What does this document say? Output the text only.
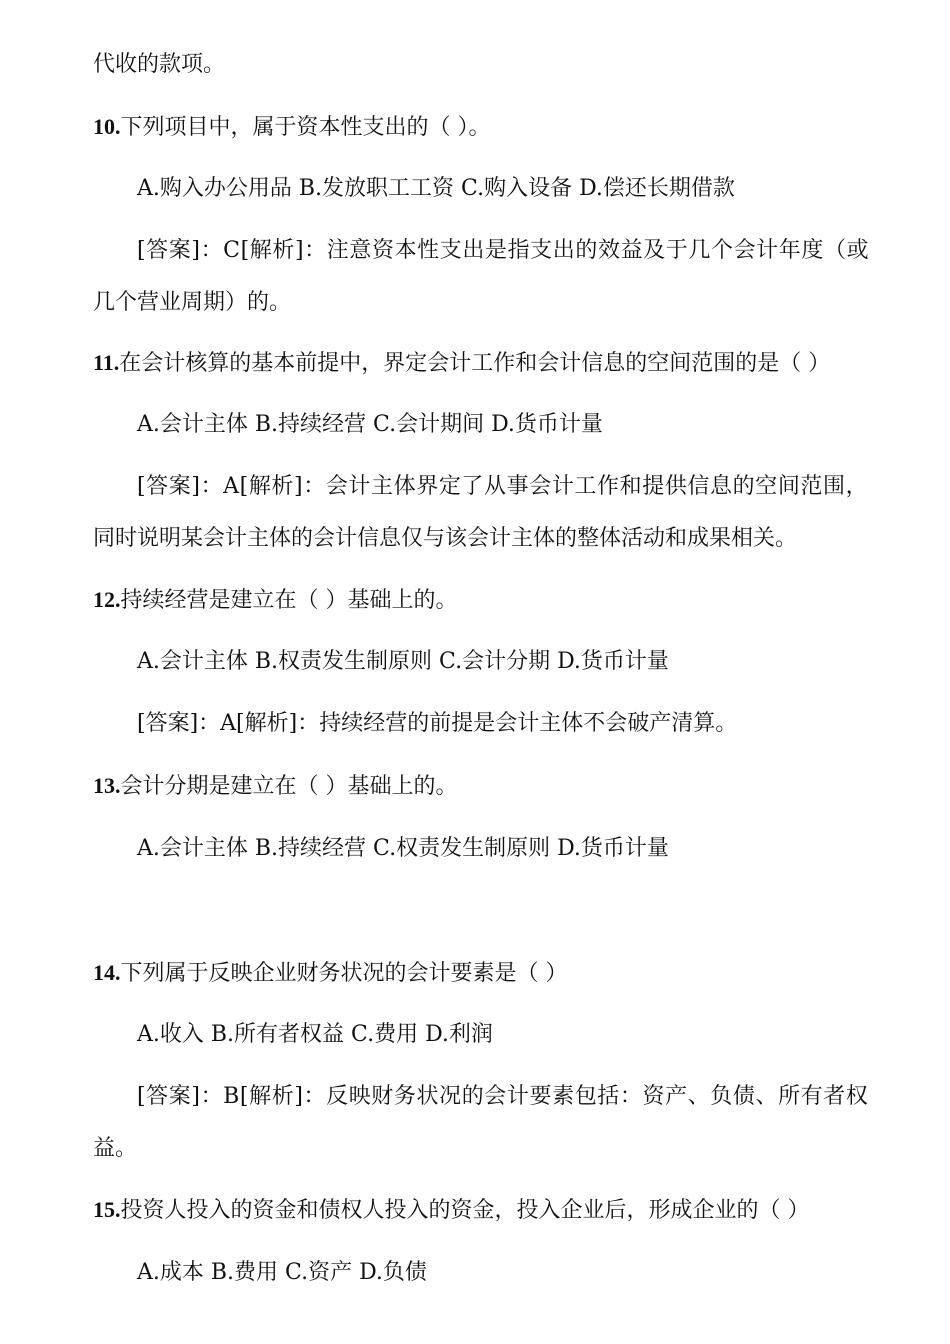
代收的款项。
10.下列项目中，属于资本性支出的（ ）。
A.购入办公用品 B.发放职工工资 C.购入设备 D.偿还长期借款
[答案]：C[解析]：注意资本性支出是指支出的效益及于几个会计年度（或
几个营业周期）的。
11.在会计核算的基本前提中，界定会计工作和会计信息的空间范围的是（ ）
A.会计主体 B.持续经营 C.会计期间 D.货币计量
[答案]：A[解析]：会计主体界定了从事会计工作和提供信息的空间范围，
同时说明某会计主体的会计信息仅与该会计主体的整体活动和成果相关。
12.持续经营是建立在（ ）基础上的。
A.会计主体 B.权责发生制原则 C.会计分期 D.货币计量
[答案]：A[解析]：持续经营的前提是会计主体不会破产清算。
13.会计分期是建立在（ ）基础上的。
A.会计主体 B.持续经营 C.权责发生制原则 D.货币计量
14.下列属于反映企业财务状况的会计要素是（ ）
A.收入 B.所有者权益 C.费用 D.利润
[答案]：B[解析]：反映财务状况的会计要素包括：资产、负债、所有者权
益。
15.投资人投入的资金和债权人投入的资金，投入企业后，形成企业的（ ）
A.成本 B.费用 C.资产 D.负债
